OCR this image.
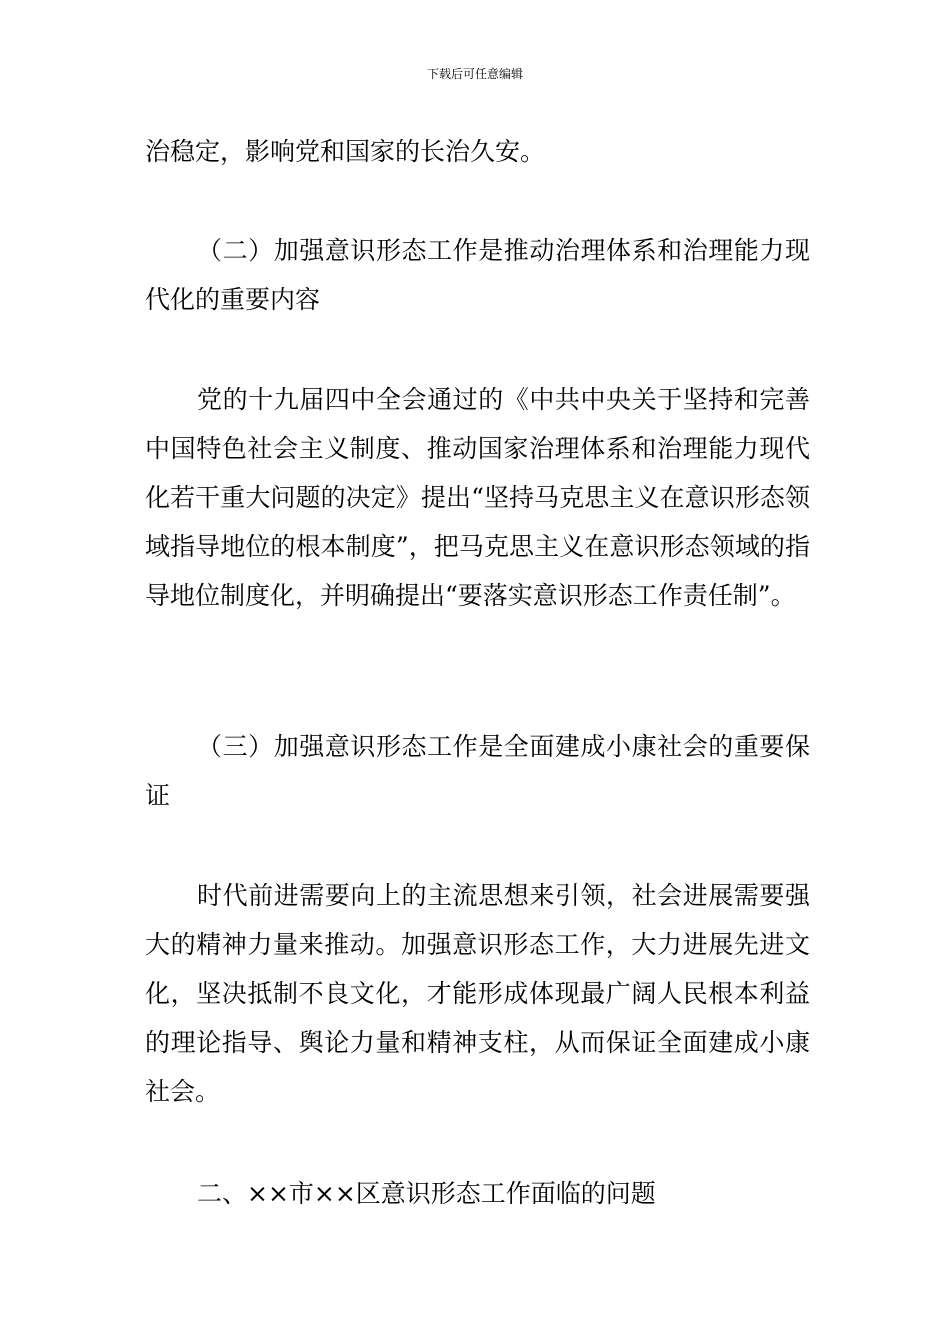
下载后可任意编辑

治稳定，影响党和国家的长治久安。

（二）加强意识形态工作是推动治理体系和治理能力现代化的重要内容

党的十九届四中全会通过的《中共中央关于坚持和完善中国特色社会主义制度、推动国家治理体系和治理能力现代化若干重大问题的决定》提出“坚持马克思主义在意识形态领域指导地位的根本制度”，把马克思主义在意识形态领域的指导地位制度化，并明确提出“要落实意识形态工作责任制”。

（三）加强意识形态工作是全面建成小康社会的重要保证

时代前进需要向上的主流思想来引领，社会进展需要强大的精神力量来推动。加强意识形态工作，大力进展先进文化，坚决抵制不良文化，才能形成体现最广阔人民根本利益的理论指导、舆论力量和精神支柱，从而保证全面建成小康社会。

二、××市××区意识形态工作面临的问题
